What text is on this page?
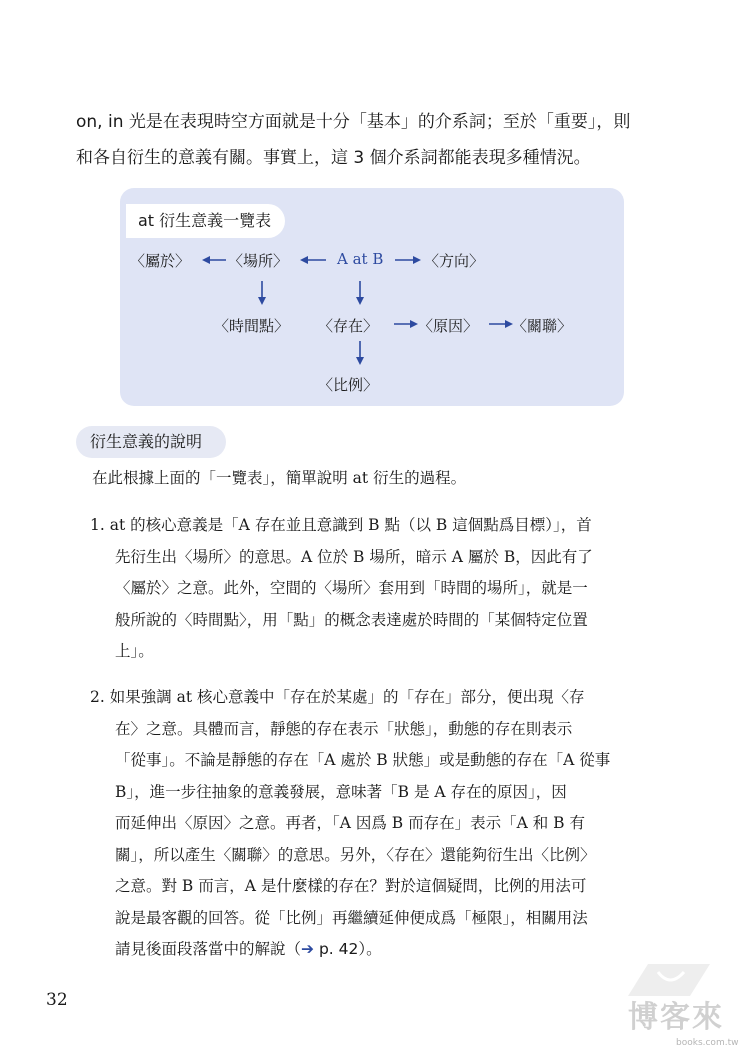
on, in 光是在表現時空方面就是十分「基本」的介系詞；至於「重要」，則

和各自衍生的意義有關。事實上，這 3 個介系詞都能表現多種情況。

at 衍生意義一覽表
〈屬於〉	〈場所〉	A at B	〈方向〉
〈時間點〉 〈存在〉	〈原因〉 〈關聯〉
〈比例〉
衍生意義的說明
在此根據上面的「一覽表」，簡單說明 at 衍生的過程。
1. at 的核心意義是「A 存在並且意識到 B 點（以 B 這個點爲目標）」，首
先衍生出〈場所〉的意思。A 位於 B 場所，暗示 A 屬於 B，因此有了
〈屬於〉之意。此外，空間的〈場所〉套用到「時間的場所」，就是一
般所說的〈時間點〉，用「點」的概念表達處於時間的「某個特定位置
上」。
2. 如果強調 at 核心意義中「存在於某處」的「存在」部分，便出現〈存
在〉之意。具體而言，靜態的存在表示「狀態」，動態的存在則表示
「從事」。不論是靜態的存在「A 處於 B 狀態」或是動態的存在「A 從事
B」，進一步往抽象的意義發展，意味著「B 是 A 存在的原因」，因
而延伸出〈原因〉之意。再者，「A 因爲 B 而存在」表示「A 和 B 有
關」，所以產生〈關聯〉的意思。另外，〈存在〉還能夠衍生出〈比例〉
之意。對 B 而言，A 是什麼樣的存在？對於這個疑問，比例的用法可
說是最客觀的回答。從「比例」再繼續延伸便成爲「極限」，相關用法
請見後面段落當中的解說（➔ p. 42）。
32	博客來
books.com.tw
